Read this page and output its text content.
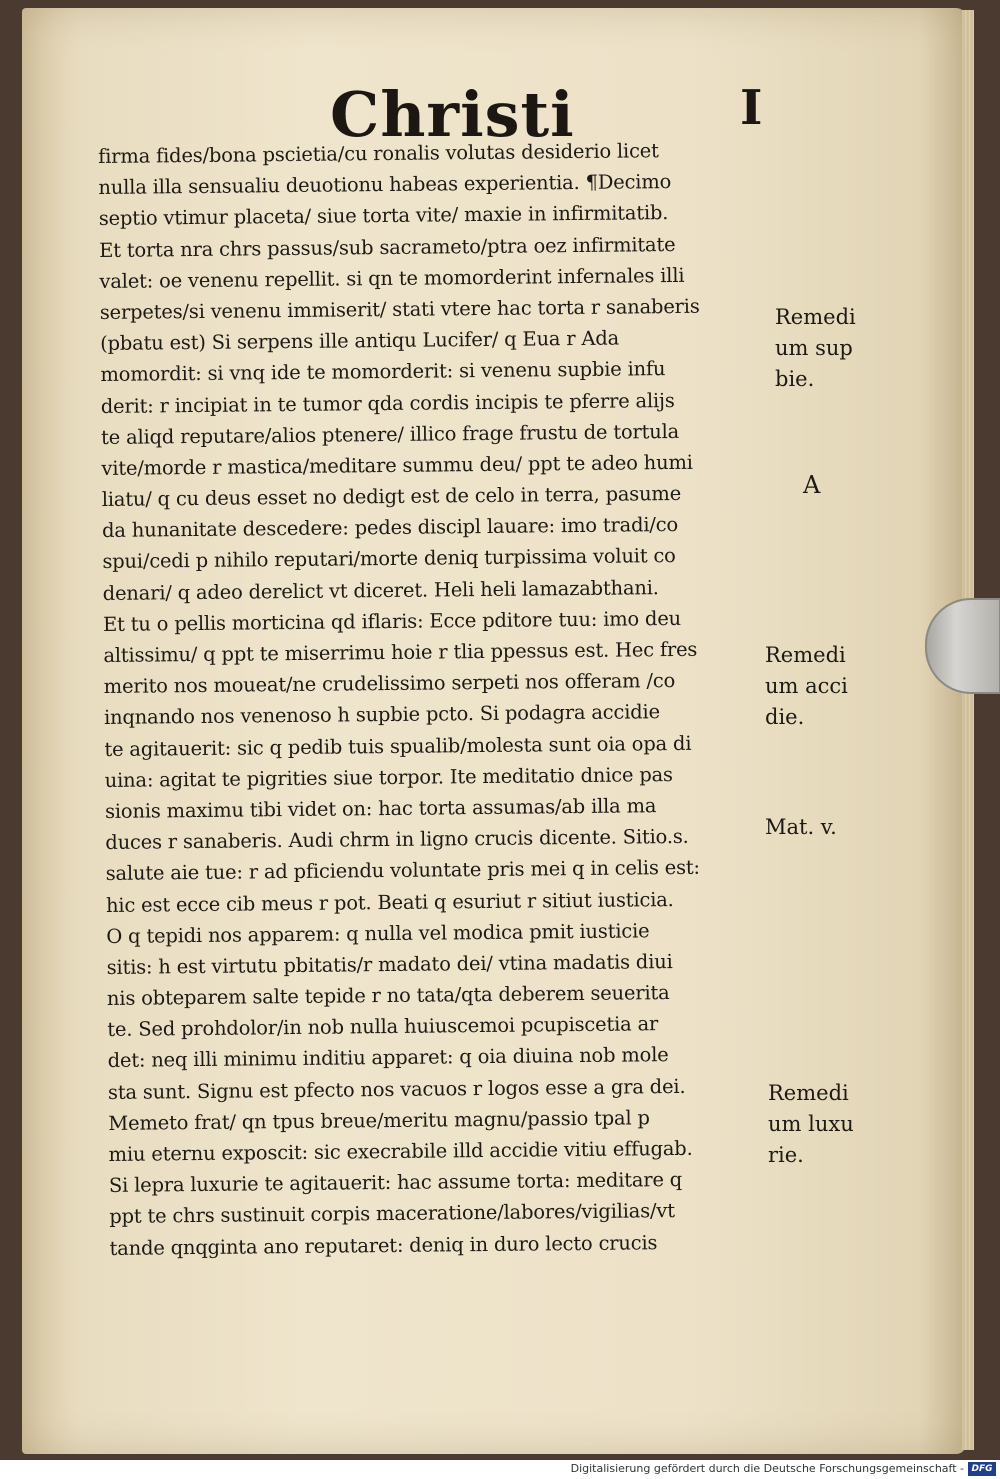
Christi	I
firma fides/bona pscietia/cu ronalis volutas desiderio licet
nulla illa sensualiu deuotionu habeas experientia. ¶Decimo
septio vtimur placeta/ siue torta vite/ maxie in infirmitatib.
Et torta nra chrs passus/sub sacrameto/ptra oez infirmitate
valet: oe venenu repellit. si qn te momorderint infernales illi
serpetes/si venenu immiserit/ stati vtere hac torta r sanaberis
(pbatu est) Si serpens ille antiqu Lucifer/ q Eua r Ada
momordit: si vnq ide te momorderit: si venenu supbie infu
derit: r incipiat in te tumor qda cordis incipis te pferre alijs
te aliqd reputare/alios ptenere/ illico frage frustu de tortula
vite/morde r mastica/meditare summu deu/ ppt te adeo humi
liatu/ q cu deus esset no dedigt est de celo in terra, pasume
da hunanitate descedere: pedes discipl lauare: imo tradi/co
spui/cedi p nihilo reputari/morte deniq turpissima voluit co
denari/ q adeo derelict vt diceret. Heli heli lamazabthani.
Et tu o pellis morticina qd iflaris: Ecce pditore tuu: imo deu
altissimu/ q ppt te miserrimu hoie r tlia ppessus est. Hec fres
merito nos moueat/ne crudelissimo serpeti nos offeram /co
inqnando nos venenoso h supbie pcto. Si podagra accidie
te agitauerit: sic q pedib tuis spualib/molesta sunt oia opa di
uina: agitat te pigrities siue torpor. Ite meditatio dnice pas
sionis maximu tibi videt on: hac torta assumas/ab illa ma
duces r sanaberis. Audi chrm in ligno crucis dicente. Sitio.s.
salute aie tue: r ad pficiendu voluntate pris mei q in celis est:
hic est ecce cib meus r pot. Beati q esuriut r sitiut iusticia.
O q tepidi nos apparem: q nulla vel modica pmit iusticie
sitis: h est virtutu pbitatis/r madato dei/ vtina madatis diui
nis obteparem salte tepide r no tata/qta deberem seuerita
te. Sed prohdolor/in nob nulla huiuscemoi pcupiscetia ar
det: neq illi minimu inditiu apparet: q oia diuina nob mole
sta sunt. Signu est pfecto nos vacuos r logos esse a gra dei.
Memeto frat/ qn tpus breue/meritu magnu/passio tpal p
miu eternu exposcit: sic execrabile illd accidie vitiu effugab.
Si lepra luxurie te agitauerit: hac assume torta: meditare q
ppt te chrs sustinuit corpis maceratione/labores/vigilias/vt
tande qnqginta ano reputaret: deniq in duro lecto crucis
Remedi
um sup
bie.
A
Remedi
um acci
die.
Mat. v.
Remedi
um luxu
rie.
Digitalisierung gefördert durch die Deutsche Forschungsgemeinschaft - DFG
